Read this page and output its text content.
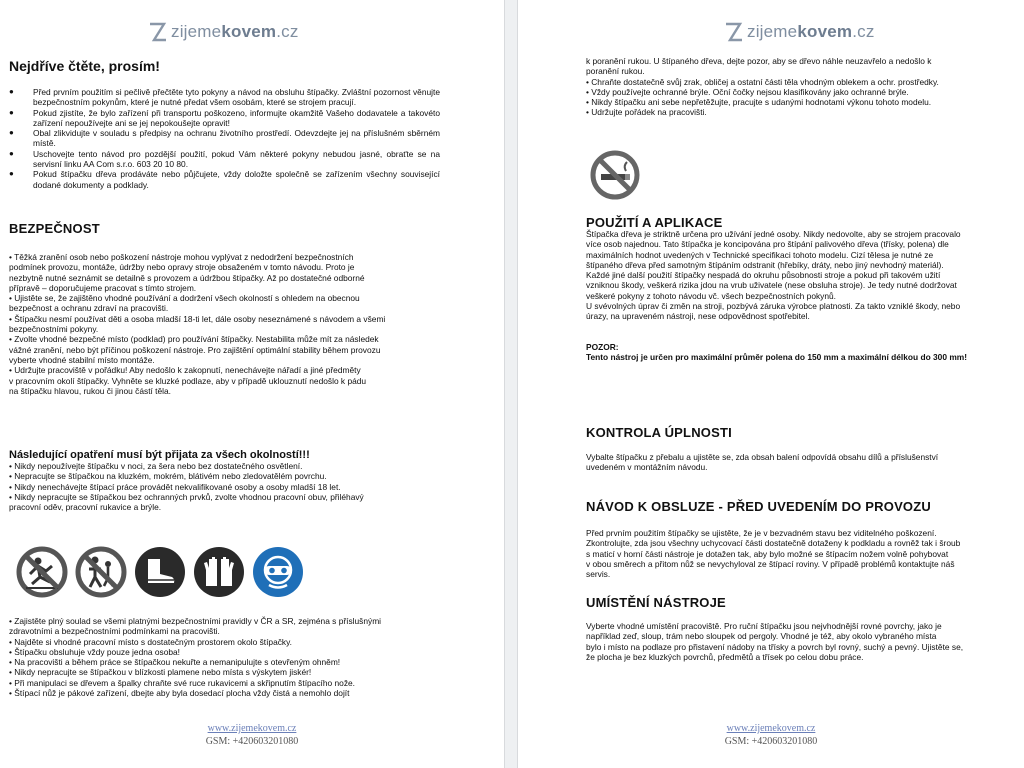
zijeme kovem .cz
Nejdříve čtěte, prosím!
● Před prvním použitím si pečlivě přečtěte tyto pokyny a návod na obsluhu štípačky. Zvláštní pozornost věnujte bezpečnostním pokynům, které je nutné předat všem osobám, které se strojem pracují.
● Pokud zjistíte, že bylo zařízení při transportu poškozeno, informujte okamžitě Vašeho dodavatele a takovéto zařízení nepoužívejte ani se jej nepokoušejte opravit!
● Obal zlikvidujte v souladu s předpisy na ochranu životního prostředí. Odevzdejte jej na příslušném sběrném místě.
● Uschovejte tento návod pro pozdější použití, pokud Vám některé pokyny nebudou jasné, obraťte se na servisní linku AA Com s.r.o. 603 20 10 80.
● Pokud štípačku dřeva prodáváte nebo půjčujete, vždy doložte společně se zařízením všechny související dodané dokumenty a podklady.
BEZPEČNOST
• Těžká zranění osob nebo poškození nástroje mohou vyplývat z nedodržení bezpečnostních
podmínek provozu, montáže, údržby nebo opravy stroje obsaženém v tomto návodu. Proto je
nezbytně nutné seznámit se detailně s provozem a údržbou štípačky. Až po dostatečné odborné
přípravě – doporučujeme pracovat s tímto strojem.
• Ujistěte se, že zajištěno vhodné používání a dodržení všech okolností s ohledem na obecnou
bezpečnost a ochranu zdraví na pracovišti.
• Štípačku nesmí používat děti a osoba mladší 18-ti let, dále osoby neseznámené s návodem a všemi
bezpečnostními pokyny.
• Zvolte vhodné bezpečné místo (podklad) pro používání štípačky. Nestabilita může mít za následek
vážné zranění, nebo být příčinou poškození nástroje. Pro zajištění optimální stability během provozu
vyberte vhodné stabilní místo montáže.
• Udržujte pracoviště v pořádku! Aby nedošlo k zakopnutí, nenechávejte nářadí a jiné předměty
v pracovním okolí štípačky. Vyhněte se kluzké podlaze, aby v případě uklouznutí nedošlo k pádu
na štípačku hlavou, rukou či jinou částí těla.
Následující opatření musí být přijata za všech okolností!!!
• Nikdy nepoužívejte štípačku v noci, za šera nebo bez dostatečného osvětlení.
• Nepracujte se štípačkou na kluzkém, mokrém, blátivém nebo zledovatělém povrchu.
• Nikdy nenechávejte štípací práce provádět nekvalifikované osoby a osoby mladší 18 let.
• Nikdy nepracujte se štípačkou bez ochranných prvků, zvolte vhodnou pracovní obuv, přiléhavý
pracovní oděv, pracovní rukavice a brýle.
• Zajistěte plný soulad se všemi platnými bezpečnostními pravidly v ČR a SR, zejména s příslušnými
zdravotními a bezpečnostními podmínkami na pracovišti.
• Najděte si vhodné pracovní místo s dostatečným prostorem okolo štípačky.
• Štípačku obsluhuje vždy pouze jedna osoba!
• Na pracovišti a během práce se štípačkou nekuřte a nemanipulujte s otevřeným ohněm!
• Nikdy nepracujte se štípačkou v blízkosti plamene nebo místa s výskytem jiskér!
• Při manipulaci se dřevem a špalky chraňte své ruce rukavicemi a skřipnutím štípacího nože.
• Štípací nůž je pákové zařízení, dbejte aby byla dosedací plocha vždy čistá a nemohlo dojít
www.zijemekovem.cz
GSM: +420603201080
zijeme kovem .cz
k poranění rukou. U štípaného dřeva, dejte pozor, aby se dřevo náhle neuzavřelo a nedošlo k
poranění rukou.
• Chraňte dostatečně svůj zrak, obličej a ostatní části těla vhodným oblekem a ochr. prostředky.
• Vždy používejte ochranné brýle. Oční čočky nejsou klasifikovány jako ochranné brýle.
• Nikdy štípačku ani sebe nepřetěžujte, pracujte s udanými hodnotami výkonu tohoto modelu.
• Udržujte pořádek na pracovišti.
POUŽITÍ A APLIKACE
Štípačka dřeva je striktně určena pro užívání jedné osoby. Nikdy nedovolte, aby se strojem pracovalo
více osob najednou. Tato štípačka je koncipována pro štípání palivového dřeva (třísky, polena) dle
maximálních hodnot uvedených v Technické specifikaci tohoto modelu. Cizí tělesa je nutné ze
štípaného dřeva před samotným štípáním odstranit (hřebíky, dráty, nebo jiný nevhodný materiál).
Každé jiné další použití štípačky nespadá do okruhu působnosti stroje a pokud při takovém užití
vzniknou škody, veškerá rizika jdou na vrub uživatele (nese obsluha stroje). Je tedy nutné dodržovat
veškeré pokyny z tohoto návodu vč. všech bezpečnostních pokynů.
U svévolných úprav či změn na stroji, pozbývá záruka výrobce platnosti. Za takto vzniklé škody, nebo
úrazy, na upraveném nástroji, nese odpovědnost spotřebitel.
POZOR:
Tento nástroj je určen pro maximální průměr polena do 150 mm a maximální délkou do 300 mm!
KONTROLA ÚPLNOSTI
Vybalte štípačku z přebalu a ujistěte se, zda obsah balení odpovídá obsahu dílů a příslušenství
uvedeném v montážním návodu.
NÁVOD K OBSLUZE - PŘED UVEDENÍM DO PROVOZU
Před prvním použitím štípačky se ujistěte, že je v bezvadném stavu bez viditelného poškození.
Zkontrolujte, zda jsou všechny uchycovací části dostatečně dotaženy k podkladu a rovněž tak i šroub
s maticí v horní části nástroje je dotažen tak, aby bylo možné se štípacím nožem volně pohybovat
v obou směrech a přitom nůž se nevychyloval ze štípací roviny. V případě problémů kontaktujte náš
servis.
UMÍSTĚNÍ NÁSTROJE
Vyberte vhodné umístění pracoviště. Pro ruční štípačku jsou nejvhodnější rovné povrchy, jako je
například zeď, sloup, trám nebo sloupek od pergoly. Vhodné je též, aby okolo vybraného místa
bylo i místo na podlaze pro přistavení nádoby na třísky a povrch byl rovný, suchý a pevný. Ujistěte se,
že plocha je bez kluzkých povrchů, předmětů a třísek po celou dobu práce.
www.zijemekovem.cz
GSM: +420603201080
